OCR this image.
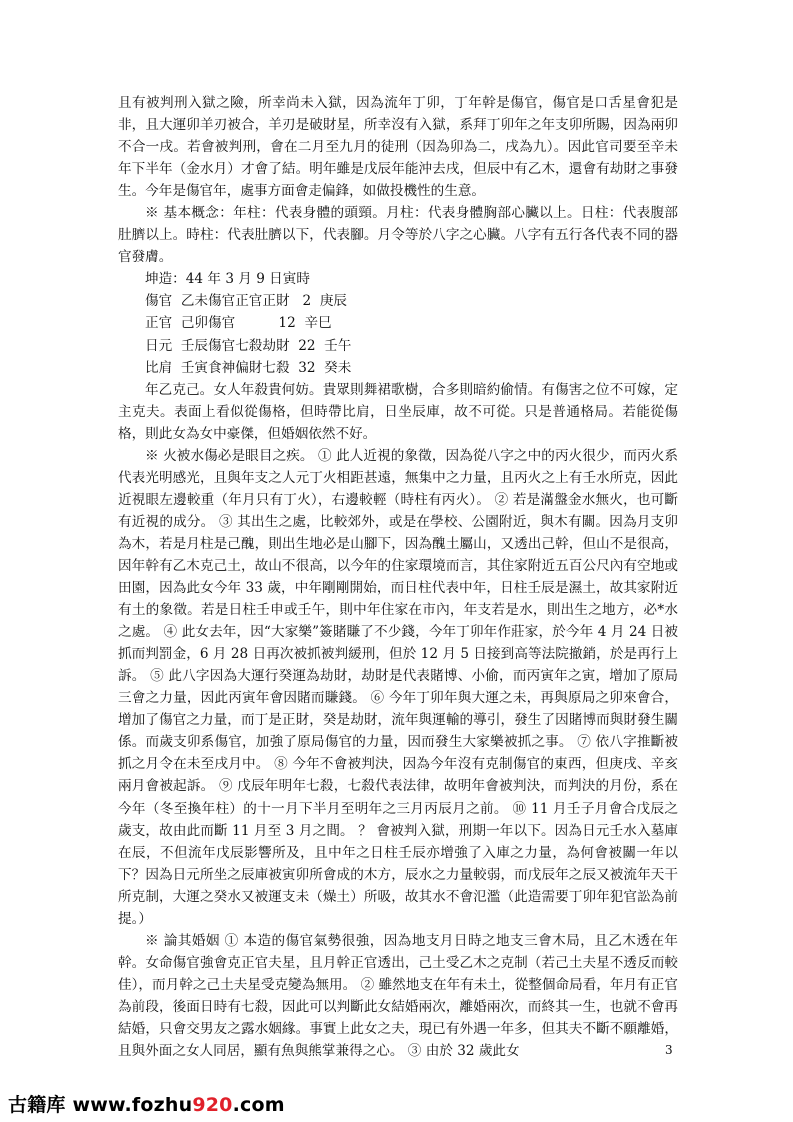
且有被判刑入獄之險，所幸尚未入獄，因為流年丁卯，丁年幹是傷官，傷官是口舌星會犯是非，且大運卯羊刃被合，羊刃是破財星，所幸沒有入獄，系拜丁卯年之年支卯所賜，因為兩卯不合一戌。若會被判刑，會在二月至九月的徒刑（因為卯為二，戌為九）。因此官司要至辛未年下半年（金水月）才會了結。明年雖是戊辰年能沖去戌，但辰中有乙木，還會有劫財之事發生。今年是傷官年，處事方面會走偏鋒，如做投機性的生意。

※ 基本概念：年柱：代表身體的頭頸。月柱：代表身體胸部心臟以上。日柱：代表腹部肚臍以上。時柱：代表肚臍以下，代表腳。月令等於八字之心臟。八字有五行各代表不同的器官發膚。

坤造：44 年 3 月 9 日寅時

傷官  乙未傷官正官正財   2  庚辰

正官  己卯傷官          12  辛巳

日元  壬辰傷官七殺劫財  22  壬午

比肩  壬寅食神偏財七殺  32  癸未

年乙克己。女人年殺貴何妨。貴眾則舞裙歌樹，合多則暗約偷情。有傷害之位不可嫁，定主克夫。表面上看似從傷格，但時帶比肩，日坐辰庫，故不可從。只是普通格局。若能從傷格，則此女為女中豪傑，但婚姻依然不好。

※ 火被水傷必是眼目之疾。 ① 此人近視的象徵，因為從八字之中的丙火很少，而丙火系代表光明感光，且與年支之人元丁火相距甚遠，無集中之力量，且丙火之上有壬水所克，因此近視眼左邊較重（年月只有丁火），右邊較輕（時柱有丙火）。 ② 若是滿盤金水無火，也可斷有近視的成分。 ③ 其出生之處，比較郊外，或是在學校、公園附近，與木有關。因為月支卯為木，若是月柱是己醜，則出生地必是山腳下，因為醜土屬山，又透出己幹，但山不是很高，因年幹有乙木克己土，故山不很高，以今年的住家環境而言，其住家附近五百公尺內有空地或田園，因為此女今年 33 歲，中年剛剛開始，而日柱代表中年，日柱壬辰是濕土，故其家附近 有土的象徵。若是日柱壬申或壬午，則中年住家在市內，年支若是水，則出生之地方，必*水之處。 ④ 此女去年，因“大家樂”簽賭賺了不少錢，今年丁卯年作莊家，於今年 4 月 24 日被抓而判罰金，6 月 28 日再次被抓被判緩刑，但於 12 月 5 日接到高等法院撤銷，於是再行上訴。 ⑤ 此八字因為大運行癸運為劫財，劫財是代表賭博、小偷，而丙寅年之寅，增加了原局三會之力量，因此丙寅年會因賭而賺錢。 ⑥ 今年丁卯年與大運之未，再與原局之卯來會合，增加了傷官之力量，而丁是正財，癸是劫財，流年與運輸的導引，發生了因賭博而與財發生關係。而歲支卯系傷官，加強了原局傷官的力量，因而發生大家樂被抓之事。 ⑦ 依八字推斷被抓之月令在未至戌月中。 ⑧ 今年不會被判決，因為今年沒有克制傷官的東西，但庚戌、辛亥兩月會被起訴。 ⑨ 戊辰年明年七殺，七殺代表法律，故明年會被判決，而判決的月份，系在今年（冬至換年柱）的十一月下半月至明年之三月丙辰月之前。 ⑩ 11 月壬子月會合戊辰之歲支，故由此而斷 11 月至 3 月之間。 ？ 會被判入獄，刑期一年以下。因為日元壬水入墓庫在辰，不但流年戊辰影響所及，且中年之日柱壬辰亦增強了入庫之力量，為何會被關一年以下？因為日元所坐之辰庫被寅卯所會成的木方，辰水之力量較弱，而戊辰年之辰又被流年天干所克制，大運之癸水又被運支未（燥土）所吸，故其水不會氾濫（此造需要丁卯年犯官訟為前提。）

※ 論其婚姻 ① 本造的傷官氣勢很強，因為地支月日時之地支三會木局，且乙木透在年幹。女命傷官強會克正官夫星，且月幹正官透出，己土受乙木之克制（若己土夫星不透反而較佳），而月幹之己土夫星受克變為無用。 ② 雖然地支在年有未土，從整個命局看，年月有正官為前段，後面日時有七殺，因此可以判斷此女結婚兩次，離婚兩次，而終其一生，也就不會再結婚，只會交男友之露水姻緣。事實上此女之夫，現已有外遇一年多，但其夫不斷不願離婚，且與外面之女人同居，顯有魚與熊掌兼得之心。 ③ 由於 32 歲此女	3
古籍库 www.fozhu920.com
